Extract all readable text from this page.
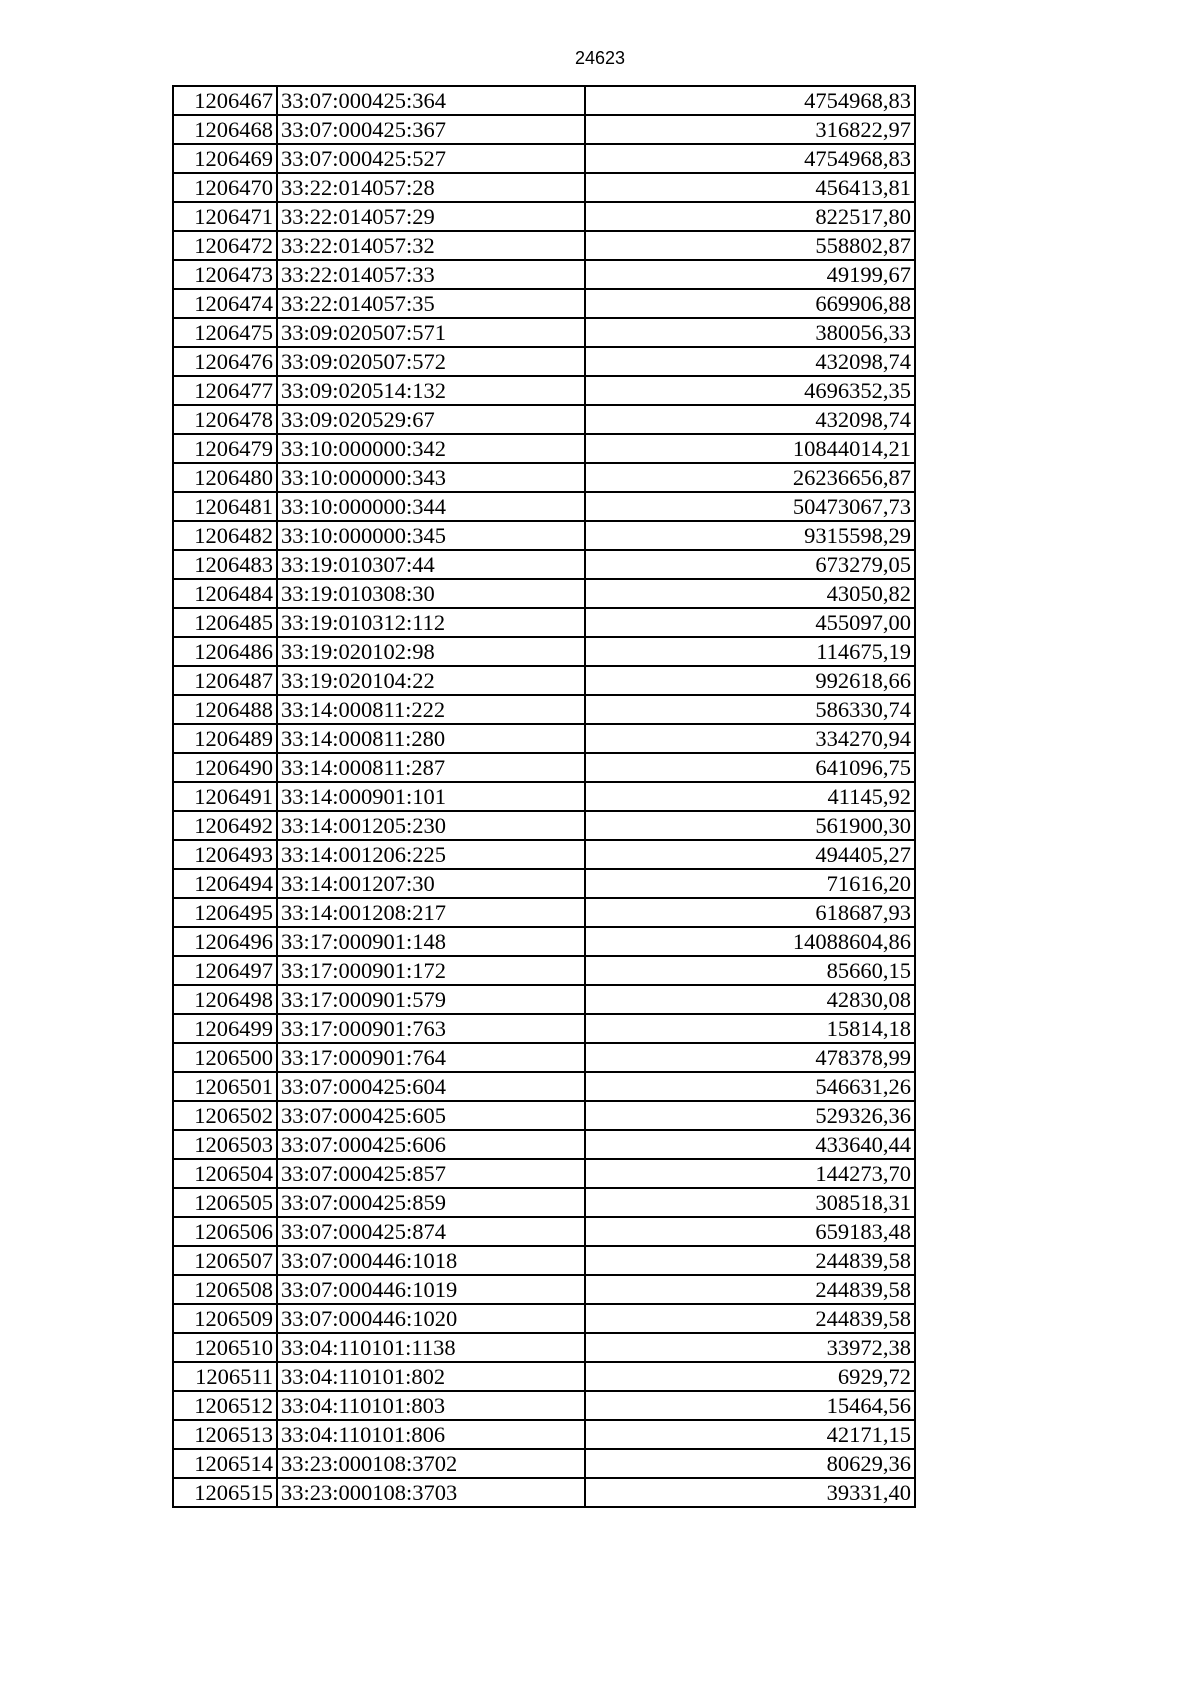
24623
1206467	33:07:000425:364	4754968,83
1206468	33:07:000425:367	316822,97
1206469	33:07:000425:527	4754968,83
1206470	33:22:014057:28	456413,81
1206471	33:22:014057:29	822517,80
1206472	33:22:014057:32	558802,87
1206473	33:22:014057:33	49199,67
1206474	33:22:014057:35	669906,88
1206475	33:09:020507:571	380056,33
1206476	33:09:020507:572	432098,74
1206477	33:09:020514:132	4696352,35
1206478	33:09:020529:67	432098,74
1206479	33:10:000000:342	10844014,21
1206480	33:10:000000:343	26236656,87
1206481	33:10:000000:344	50473067,73
1206482	33:10:000000:345	9315598,29
1206483	33:19:010307:44	673279,05
1206484	33:19:010308:30	43050,82
1206485	33:19:010312:112	455097,00
1206486	33:19:020102:98	114675,19
1206487	33:19:020104:22	992618,66
1206488	33:14:000811:222	586330,74
1206489	33:14:000811:280	334270,94
1206490	33:14:000811:287	641096,75
1206491	33:14:000901:101	41145,92
1206492	33:14:001205:230	561900,30
1206493	33:14:001206:225	494405,27
1206494	33:14:001207:30	71616,20
1206495	33:14:001208:217	618687,93
1206496	33:17:000901:148	14088604,86
1206497	33:17:000901:172	85660,15
1206498	33:17:000901:579	42830,08
1206499	33:17:000901:763	15814,18
1206500	33:17:000901:764	478378,99
1206501	33:07:000425:604	546631,26
1206502	33:07:000425:605	529326,36
1206503	33:07:000425:606	433640,44
1206504	33:07:000425:857	144273,70
1206505	33:07:000425:859	308518,31
1206506	33:07:000425:874	659183,48
1206507	33:07:000446:1018	244839,58
1206508	33:07:000446:1019	244839,58
1206509	33:07:000446:1020	244839,58
1206510	33:04:110101:1138	33972,38
1206511	33:04:110101:802	6929,72
1206512	33:04:110101:803	15464,56
1206513	33:04:110101:806	42171,15
1206514	33:23:000108:3702	80629,36
1206515	33:23:000108:3703	39331,40
